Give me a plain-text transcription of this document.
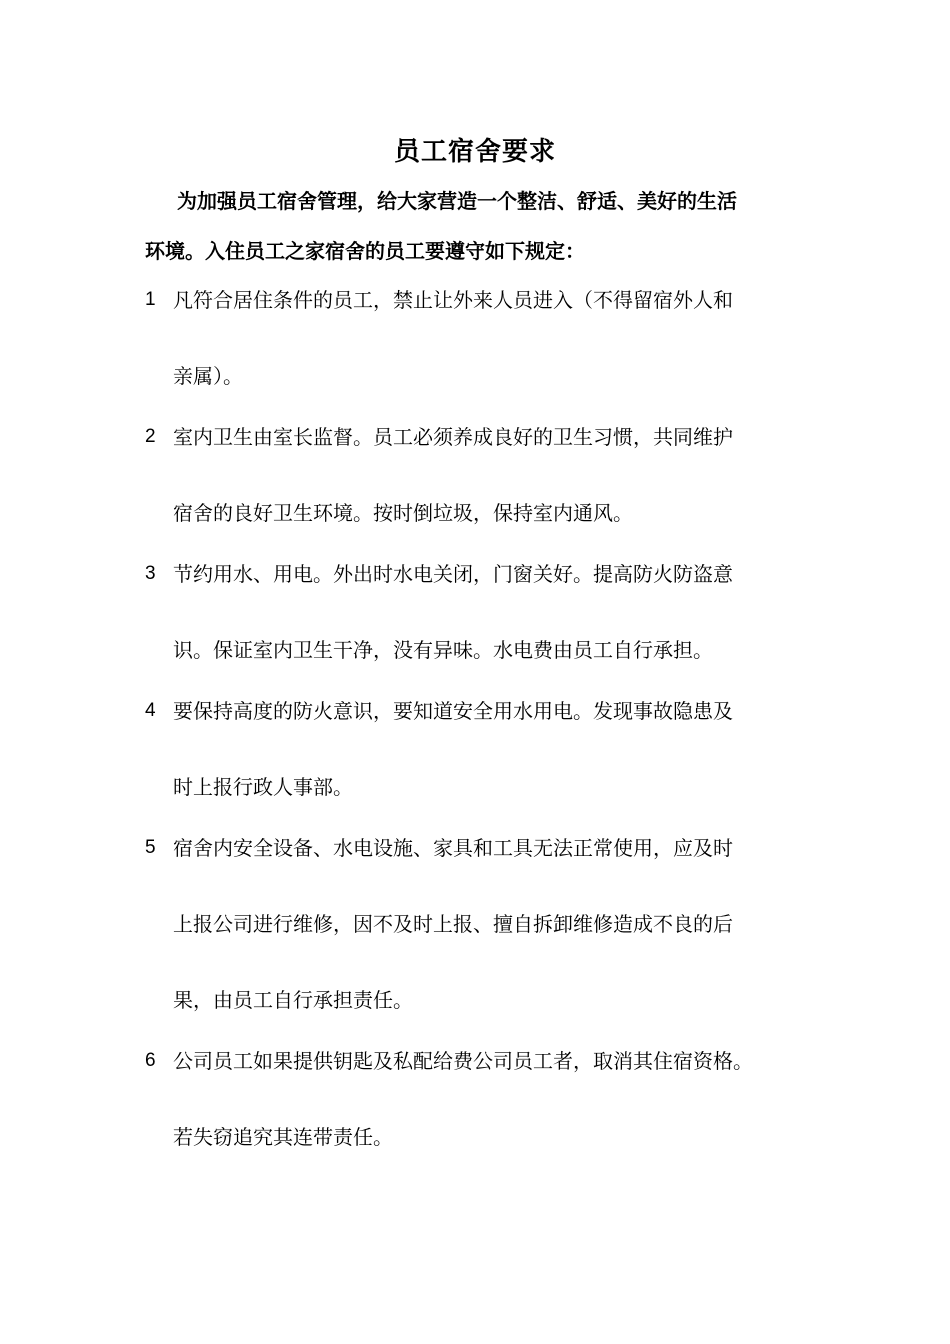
员工宿舍要求
为加强员工宿舍管理，给大家营造一个整洁、舒适、美好的生活
环境。入住员工之家宿舍的员工要遵守如下规定：
1 凡符合居住条件的员工，禁止让外来人员进入（不得留宿外人和
亲属）。
2 室内卫生由室长监督。员工必须养成良好的卫生习惯，共同维护
宿舍的良好卫生环境。按时倒垃圾，保持室内通风。
3 节约用水、用电。外出时水电关闭，门窗关好。提高防火防盗意
识。保证室内卫生干净，没有异味。水电费由员工自行承担。
4 要保持高度的防火意识，要知道安全用水用电。发现事故隐患及
时上报行政人事部。
5 宿舍内安全设备、水电设施、家具和工具无法正常使用，应及时
上报公司进行维修，因不及时上报、擅自拆卸维修造成不良的后
果，由员工自行承担责任。
6 公司员工如果提供钥匙及私配给费公司员工者，取消其住宿资格。
若失窃追究其连带责任。
